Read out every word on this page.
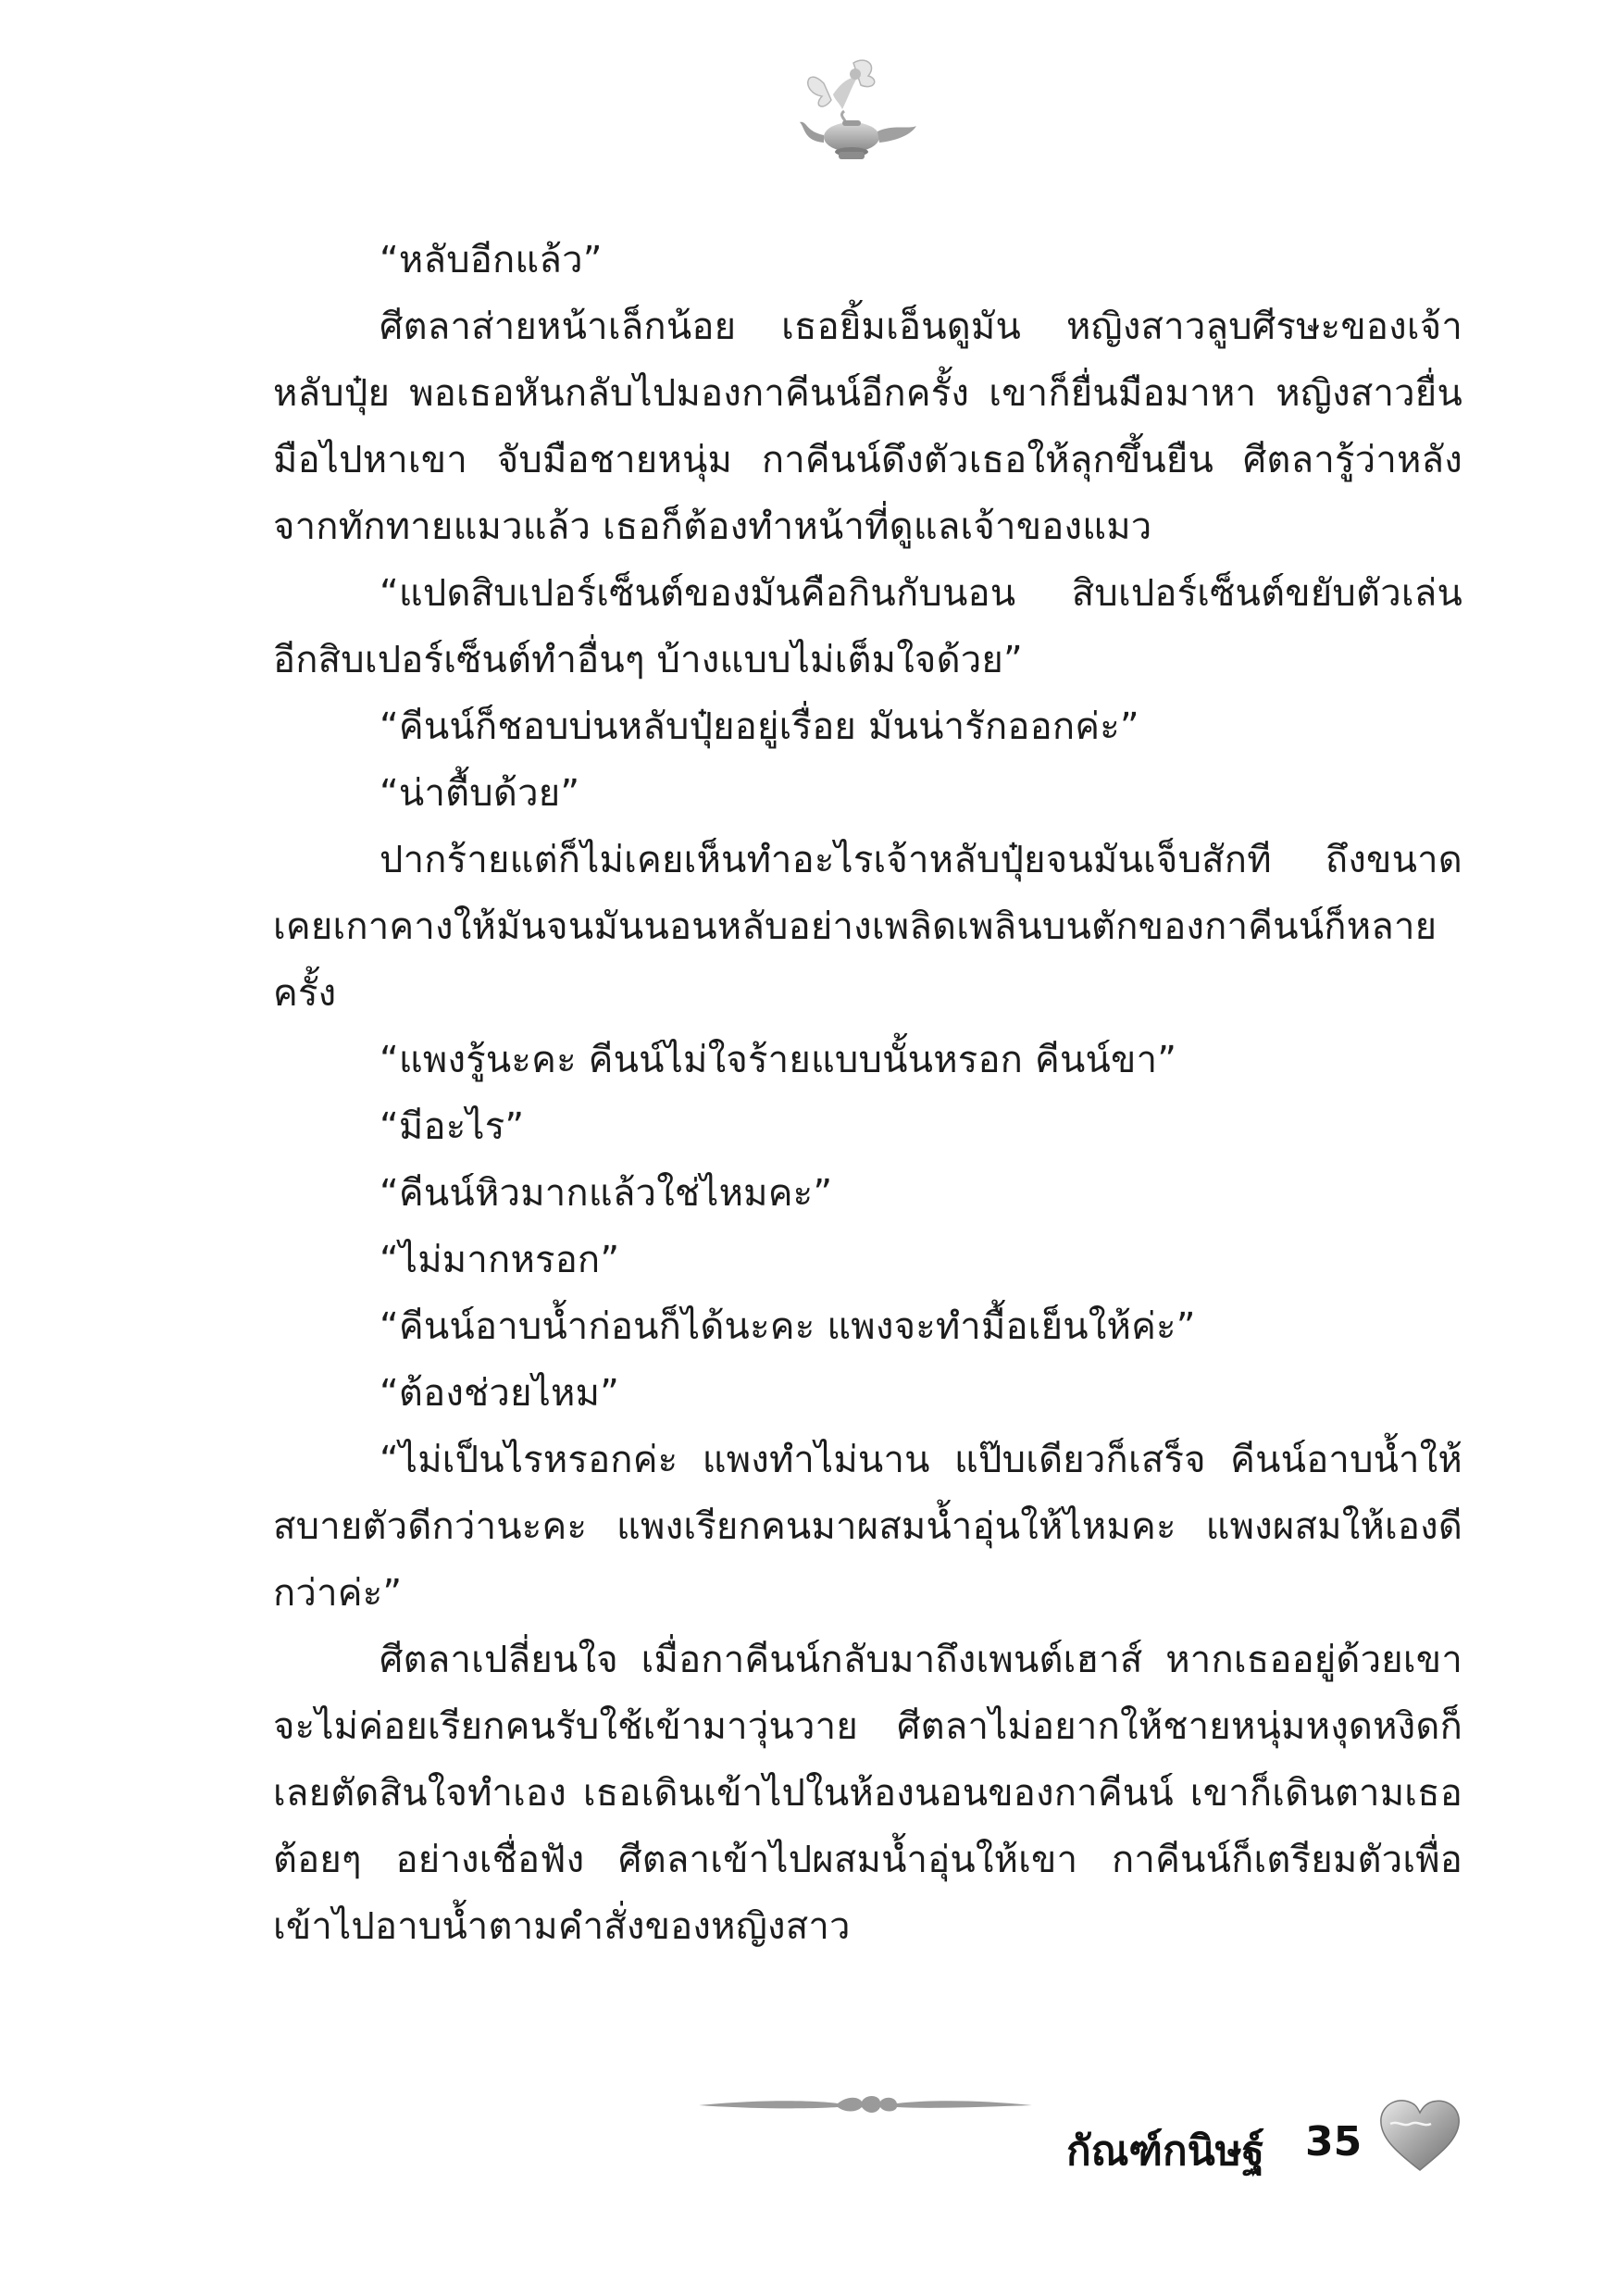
“หลับอีกแล้ว”

ศีตลาส่ายหน้าเล็กน้อย เธอยิ้มเอ็นดูมัน หญิงสาวลูบศีรษะของเจ้าหลับปุ๋ย พอเธอหันกลับไปมองกาคีนน์อีกครั้ง เขาก็ยื่นมือมาหา หญิงสาวยื่นมือไปหาเขา จับมือชายหนุ่ม กาคีนน์ดึงตัวเธอให้ลุกขึ้นยืน ศีตลารู้ว่าหลังจากทักทายแมวแล้ว เธอก็ต้องทำหน้าที่ดูแลเจ้าของแมว

“แปดสิบเปอร์เซ็นต์ของมันคือกินกับนอน สิบเปอร์เซ็นต์ขยับตัวเล่นอีกสิบเปอร์เซ็นต์ทำอื่นๆ บ้างแบบไม่เต็มใจด้วย”

“คีนน์ก็ชอบบ่นหลับปุ๋ยอยู่เรื่อย มันน่ารักออกค่ะ”

“น่าตื้บด้วย”

ปากร้ายแต่ก็ไม่เคยเห็นทำอะไรเจ้าหลับปุ๋ยจนมันเจ็บสักที ถึงขนาดเคยเกาคางให้มันจนมันนอนหลับอย่างเพลิดเพลินบนตักของกาคีนน์ก็หลายครั้ง

“แพงรู้นะคะ คีนน์ไม่ใจร้ายแบบนั้นหรอก คีนน์ขา”

“มีอะไร”

“คีนน์หิวมากแล้วใช่ไหมคะ”

“ไม่มากหรอก”

“คีนน์อาบน้ำก่อนก็ได้นะคะ แพงจะทำมื้อเย็นให้ค่ะ”

“ต้องช่วยไหม”

“ไม่เป็นไรหรอกค่ะ แพงทำไม่นาน แป๊บเดียวก็เสร็จ คีนน์อาบน้ำให้สบายตัวดีกว่านะคะ แพงเรียกคนมาผสมน้ำอุ่นให้ไหมคะ แพงผสมให้เองดีกว่าค่ะ”

ศีตลาเปลี่ยนใจ เมื่อกาคีนน์กลับมาถึงเพนต์เฮาส์ หากเธออยู่ด้วยเขาจะไม่ค่อยเรียกคนรับใช้เข้ามาวุ่นวาย ศีตลาไม่อยากให้ชายหนุ่มหงุดหงิดก็เลยตัดสินใจทำเอง เธอเดินเข้าไปในห้องนอนของกาคีนน์ เขาก็เดินตามเธอต้อยๆ อย่างเชื่อฟัง ศีตลาเข้าไปผสมน้ำอุ่นให้เขา กาคีนน์ก็เตรียมตัวเพื่อเข้าไปอาบน้ำตามคำสั่งของหญิงสาว

กัณฑ์กนิษฐ์ 35
